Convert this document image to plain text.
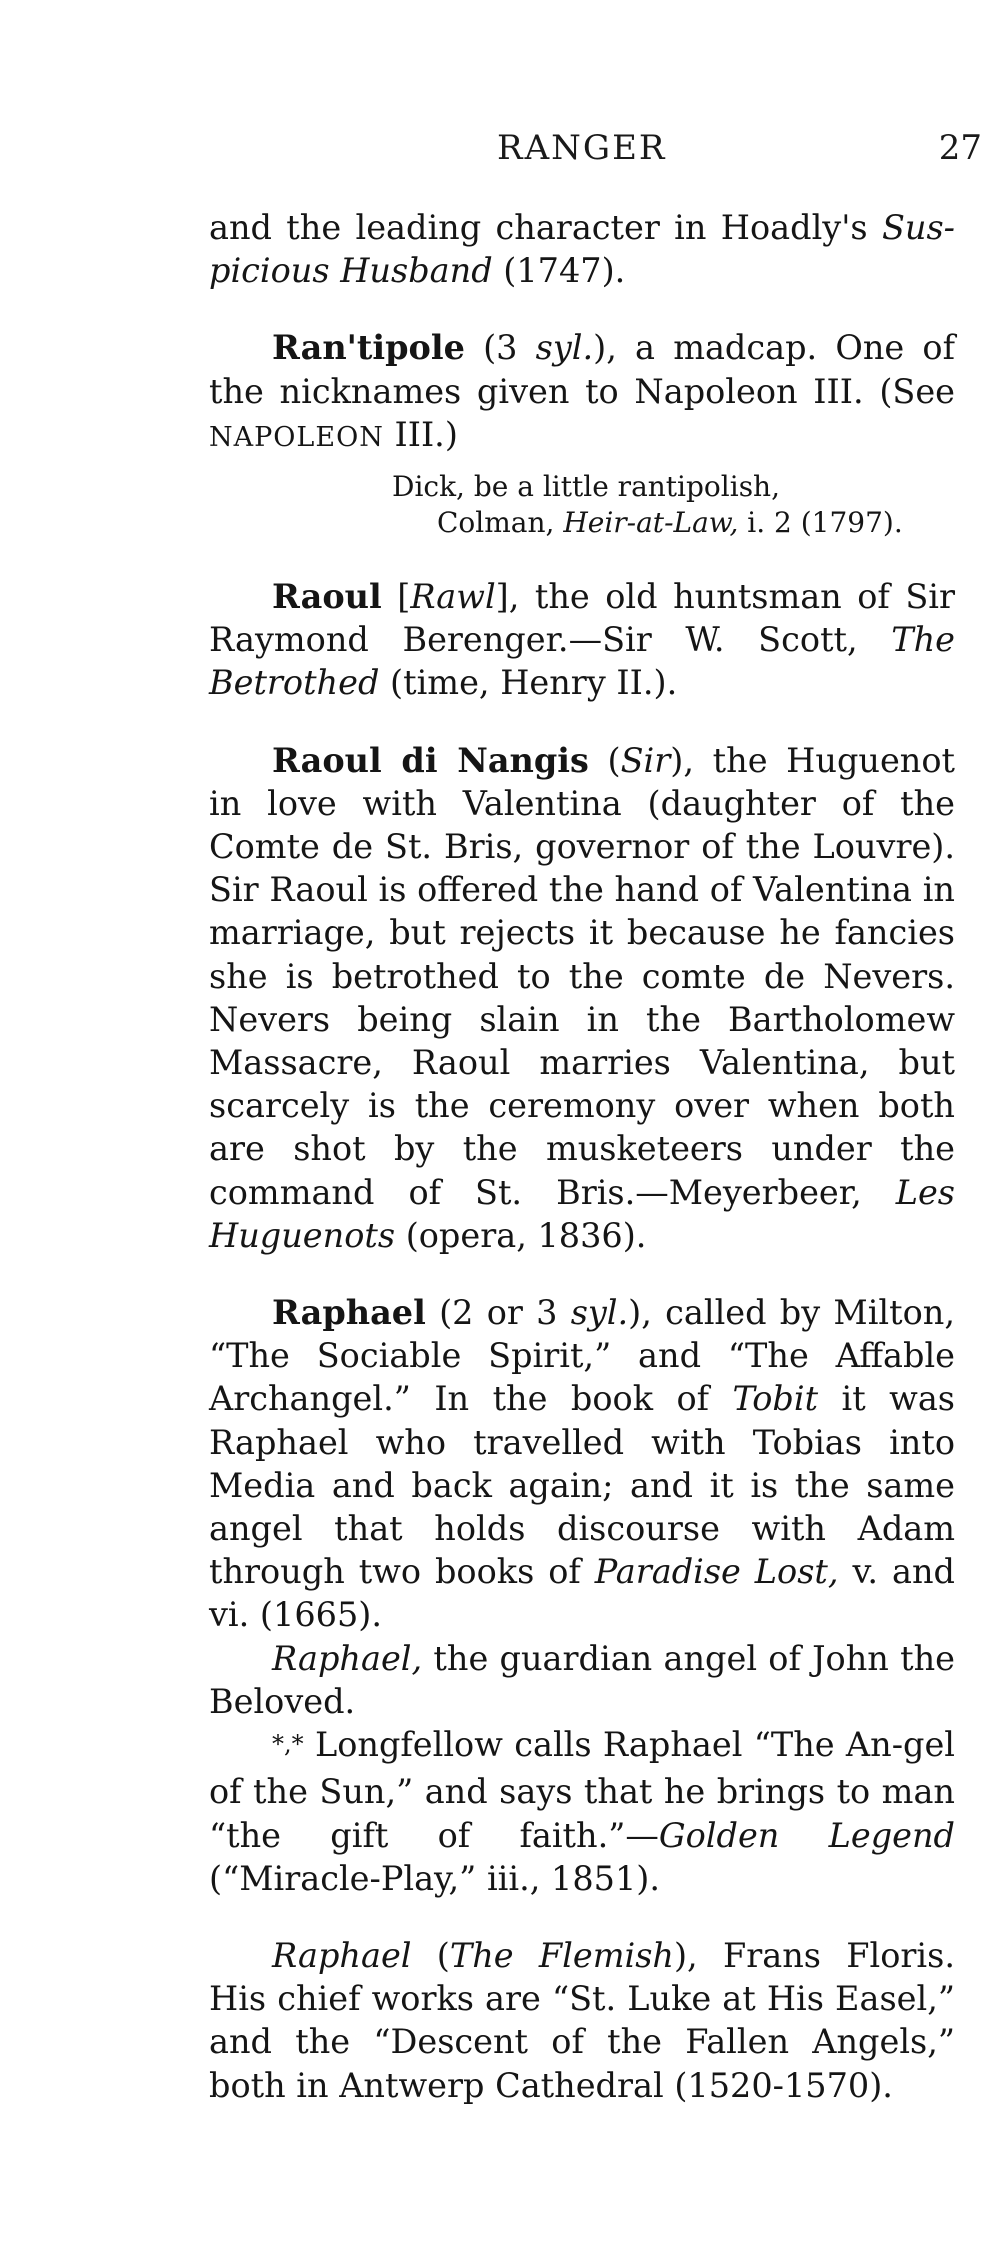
RANGER	27

and the leading character in Hoadly's Sus-picious Husband (1747).

Ran'tipole (3 syl.), a madcap. One of the nicknames given to Napoleon III. (See NAPOLEON III.)

Dick, be a little rantipolish,
Colman, Heir-at-Law, i. 2 (1797).

Raoul [Rawl], the old huntsman of Sir Raymond Berenger.—Sir W. Scott, The Betrothed (time, Henry II.).

Raoul di Nangis (Sir), the Huguenot in love with Valentina (daughter of the Comte de St. Bris, governor of the Louvre). Sir Raoul is offered the hand of Valentina in marriage, but rejects it because he fancies she is betrothed to the comte de Nevers. Nevers being slain in the Bartholomew Massacre, Raoul marries Valentina, but scarcely is the ceremony over when both are shot by the musketeers under the command of St. Bris.—Meyerbeer, Les Huguenots (opera, 1836).

Raphael (2 or 3 syl.), called by Milton, “The Sociable Spirit,” and “The Affable Archangel.” In the book of Tobit it was Raphael who travelled with Tobias into Media and back again; and it is the same angel that holds discourse with Adam through two books of Paradise Lost, v. and vi. (1665).

Raphael, the guardian angel of John the Beloved.

*,* Longfellow calls Raphael “The An-gel of the Sun,” and says that he brings to man “the gift of faith.”—Golden Legend (“Miracle-Play,” iii., 1851).

Raphael (The Flemish), Frans Floris. His chief works are “St. Luke at His Easel,” and the “Descent of the Fallen Angels,” both in Antwerp Cathedral (1520-1570).
